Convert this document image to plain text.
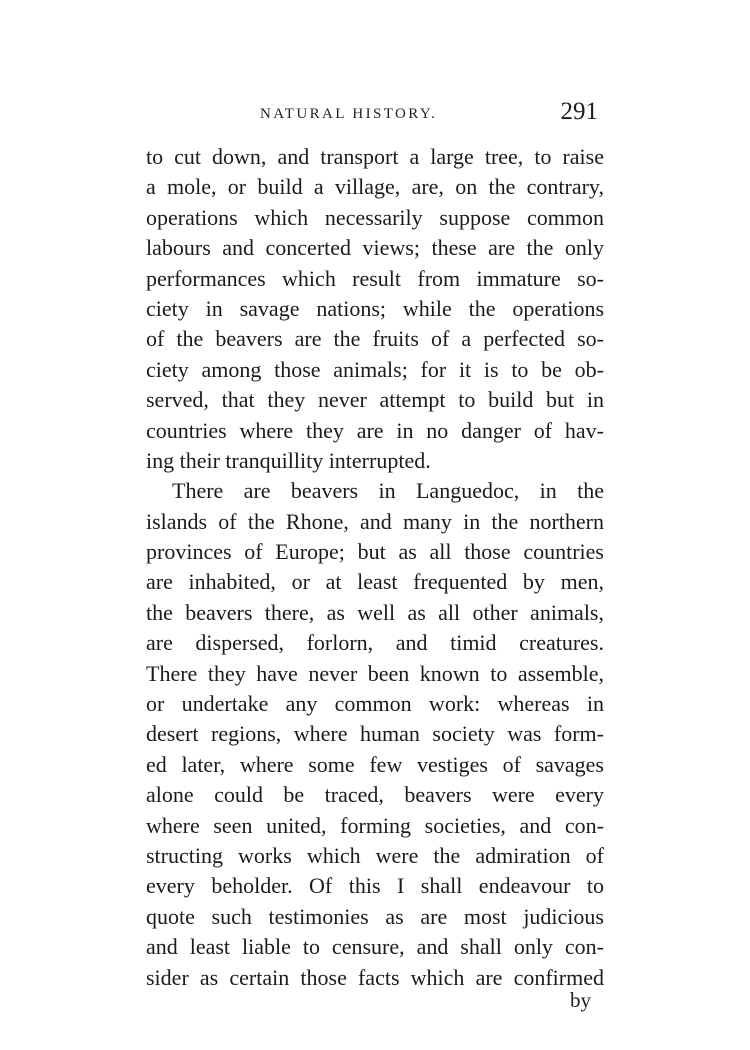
NATURAL HISTORY.	291
to cut down, and transport a large tree, to raise
a mole, or build a village, are, on the contrary,
operations which necessarily suppose common
labours and concerted views; these are the only
performances which result from immature so-
ciety in savage nations; while the operations
of the beavers are the fruits of a perfected so-
ciety among those animals; for it is to be ob-
served, that they never attempt to build but in
countries where they are in no danger of hav-
ing their tranquillity interrupted.
There are beavers in Languedoc, in the
islands of the Rhone, and many in the northern
provinces of Europe; but as all those countries
are inhabited, or at least frequented by men,
the beavers there, as well as all other animals,
are dispersed, forlorn, and timid creatures.
There they have never been known to assemble,
or undertake any common work: whereas in
desert regions, where human society was form-
ed later, where some few vestiges of savages
alone could be traced, beavers were every
where seen united, forming societies, and con-
structing works which were the admiration of
every beholder. Of this I shall endeavour to
quote such testimonies as are most judicious
and least liable to censure, and shall only con-
sider as certain those facts which are confirmed
by
